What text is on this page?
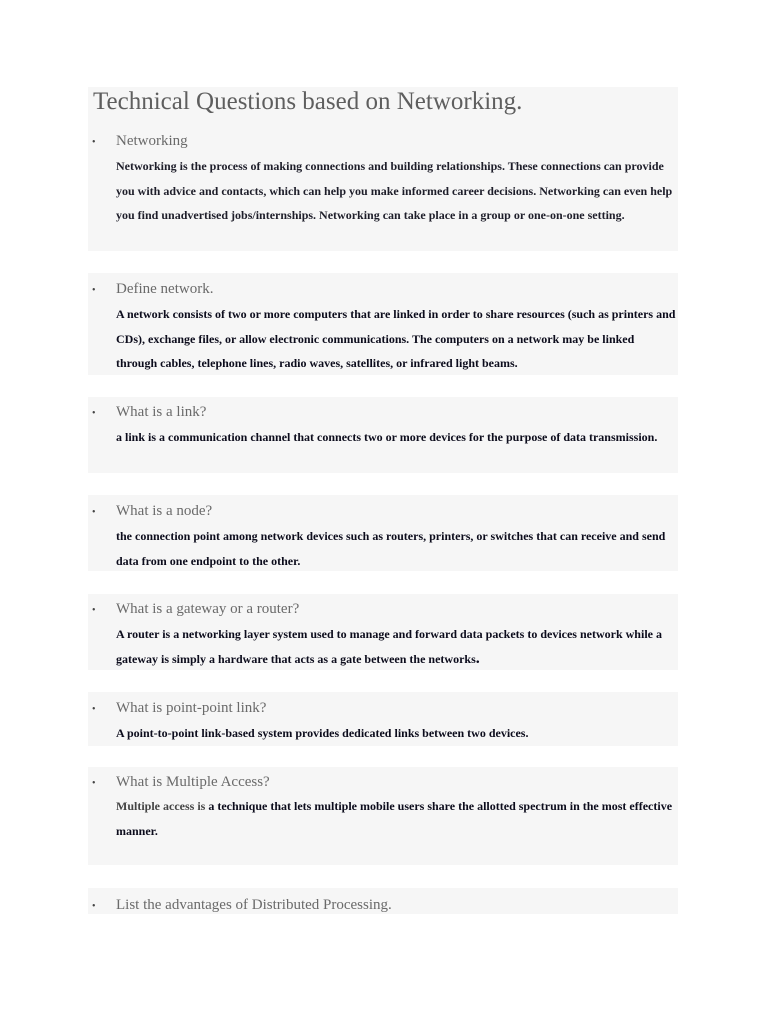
Technical Questions based on Networking.
• Networking
Networking is the process of making connections and building relationships. These connections can provide you with advice and contacts, which can help you make informed career decisions. Networking can even help you find unadvertised jobs/internships. Networking can take place in a group or one-on-one setting.
• Define network.
A network consists of two or more computers that are linked in order to share resources (such as printers and CDs), exchange files, or allow electronic communications. The computers on a network may be linked through cables, telephone lines, radio waves, satellites, or infrared light beams.
• What is a link?
a link is a communication channel that connects two or more devices for the purpose of data transmission.
• What is a node?
the connection point among network devices such as routers, printers, or switches that can receive and send data from one endpoint to the other.
• What is a gateway or a router?
A router is a networking layer system used to manage and forward data packets to devices network while a gateway is simply a hardware that acts as a gate between the networks.
• What is point-point link?
A point-to-point link-based system provides dedicated links between two devices.
• What is Multiple Access?
Multiple access is a technique that lets multiple mobile users share the allotted spectrum in the most effective manner.
• List the advantages of Distributed Processing.
